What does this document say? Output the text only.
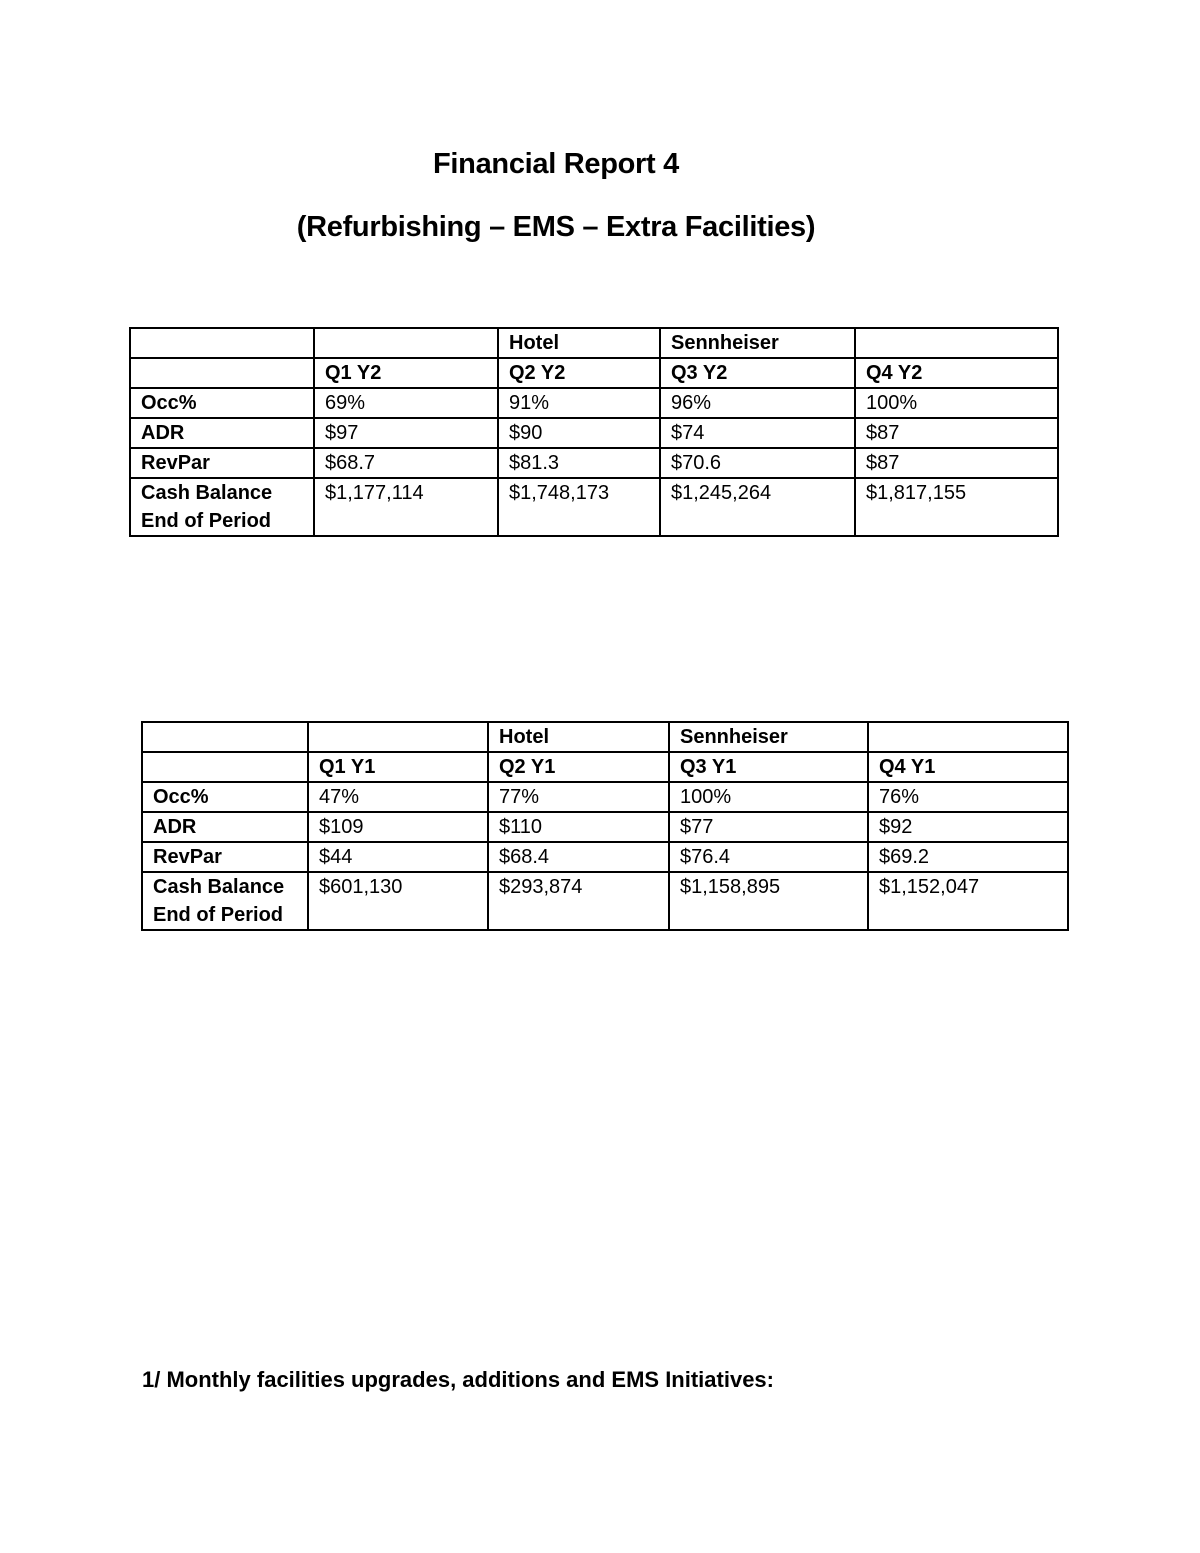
Financial Report 4
(Refurbishing – EMS – Extra Facilities)
		Hotel	Sennheiser	
	Q1 Y2	Q2 Y2	Q3 Y2	Q4 Y2
Occ%	69%	91%	96%	100%
ADR	$97	$90	$74	$87
RevPar	$68.7	$81.3	$70.6	$87

Cash Balance
End of Period	$1,177,114	$1,748,173	$1,245,264	$1,817,155
		Hotel	Sennheiser	
	Q1 Y1	Q2 Y1	Q3 Y1	Q4 Y1
Occ%	47%	77%	100%	76%
ADR	$109	$110	$77	$92
RevPar	$44	$68.4	$76.4	$69.2

Cash Balance
End of Period	$601,130	$293,874	$1,158,895	$1,152,047
1/ Monthly facilities upgrades, additions and EMS Initiatives:
